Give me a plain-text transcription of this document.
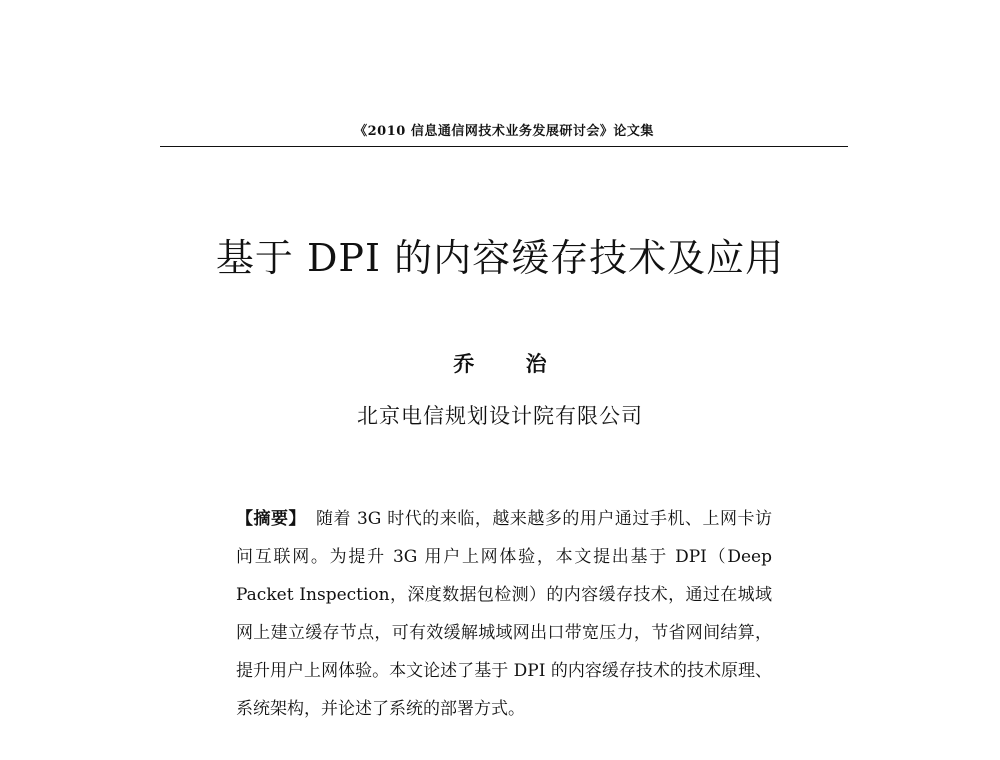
《2010 信息通信网技术业务发展研讨会》论文集
基于 DPI 的内容缓存技术及应用
乔 治
北京电信规划设计院有限公司
【摘要】 随着 3G 时代的来临，越来越多的用户通过手机、上网卡访问互联网。为提升 3G 用户上网体验，本文提出基于 DPI（Deep Packet Inspection，深度数据包检测）的内容缓存技术，通过在城域网上建立缓存节点，可有效缓解城域网出口带宽压力，节省网间结算，提升用户上网体验。本文论述了基于 DPI 的内容缓存技术的技术原理、系统架构，并论述了系统的部署方式。
